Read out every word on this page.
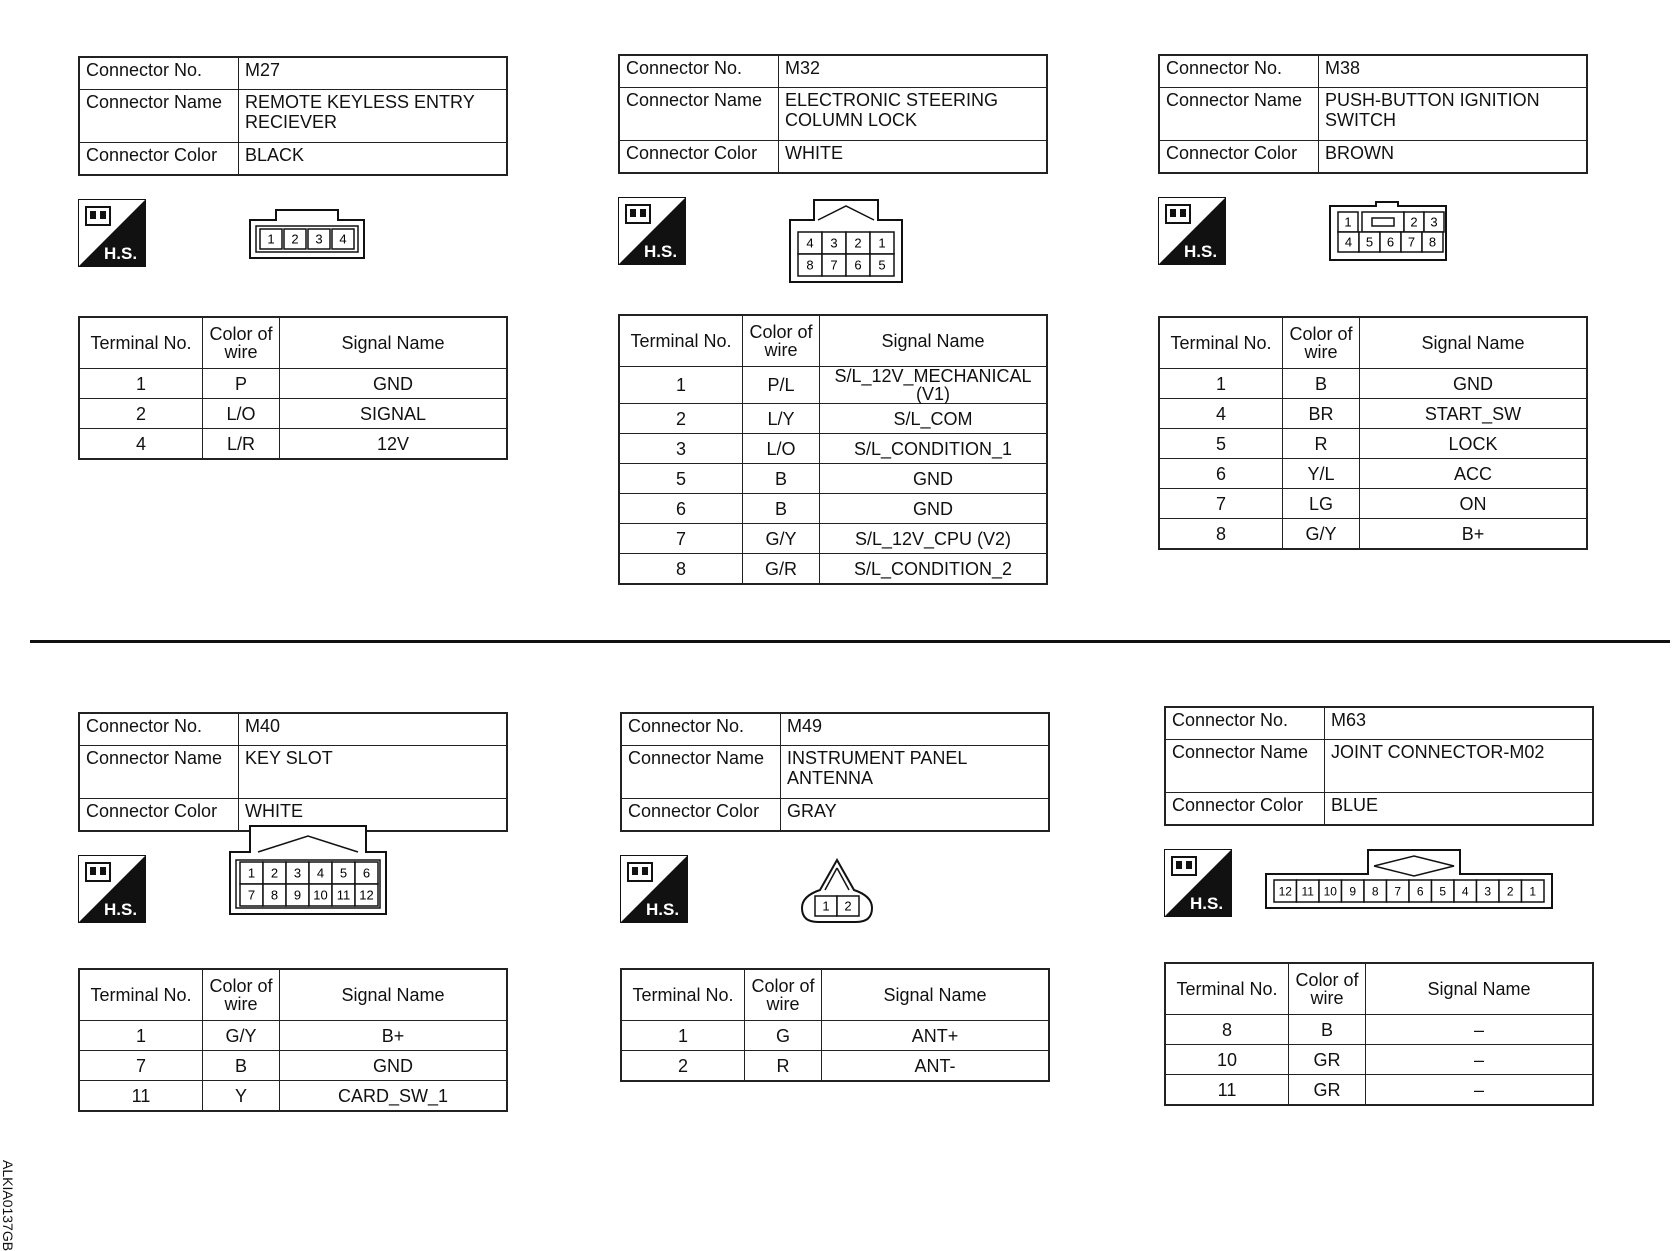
Connector No.	M27
Connector Name	REMOTE KEYLESS ENTRY RECIEVER
Connector Color	BLACK
H.S.
1 2 3 4
Terminal No.	Color of wire	Signal Name
1	P	GND
2	L/O	SIGNAL
4	L/R	12V
Connector No.	M32
Connector Name	ELECTRONIC STEERING COLUMN LOCK
Connector Color	WHITE
H.S.	4 3 2 1
8 7 6 5
Terminal No.	Color of wire	Signal Name
1	P/L	S/L_12V_MECHANICAL (V1)
2	L/Y	S/L_COM
3	L/O	S/L_CONDITION_1
5	B	GND
6	B	GND
7	G/Y	S/L_12V_CPU (V2)
8	G/R	S/L_CONDITION_2
Connector No.	M38
Connector Name	PUSH-BUTTON IGNITION SWITCH
Connector Color	BROWN
H.S.
1	2 3
4 5 6 7 8
Terminal No.	Color of wire	Signal Name
1	B	GND
4	BR	START_SW
5	R	LOCK
6	Y/L	ACC
7	LG	ON
8	G/Y	B+
Connector No.	M40
Connector Name	KEY SLOT
Connector Color	WHITE
H.S.
1 2 3 4 5 6
7 8 9 10 11 12
Terminal No.	Color of wire	Signal Name
1	G/Y	B+
7	B	GND
11	Y	CARD_SW_1
Connector No.	M49
Connector Name	INSTRUMENT PANEL ANTENNA
Connector Color	GRAY
H.S.	1 2
Terminal No.	Color of wire	Signal Name
1	G	ANT+
2	R	ANT-
Connector No.	M63
Connector Name	JOINT CONNECTOR-M02
Connector Color	BLUE
H.S.
12 11 10 9 8 7 6 5 4 3 2 1
Terminal No.	Color of wire	Signal Name
8	B	–
10	GR	–
11	GR	–
ALKIA0137GB
